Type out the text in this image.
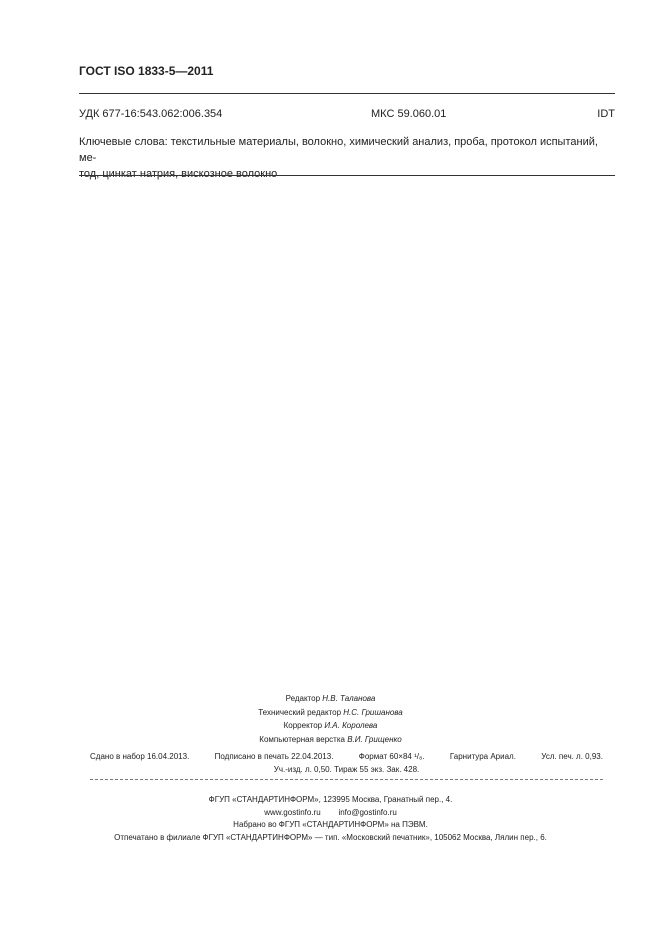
ГОСТ ISO 1833-5—2011
УДК 677-16:543.062:006.354	МКС 59.060.01	IDT
Ключевые слова: текстильные материалы, волокно, химический анализ, проба, протокол испытаний, ме-
тод, цинкат натрия, вискозное волокно
Редактор Н.В. Таланова
Технический редактор Н.С. Гришанова
Корректор И.А. Королева
Компьютерная верстка В.И. Грищенко
Сдано в набор 16.04.2013.	Подписано в печать 22.04.2013.	Формат 60×84 ¹/₈.	Гарнитура Ариал.	Усл. печ. л. 0,93.
Уч.-изд. л. 0,50. Тираж 55 экз. Зак. 428.
ФГУП «СТАНДАРТИНФОРМ», 123995 Москва, Гранатный пер., 4.
www.gostinfo.ru        info@gostinfo.ru
Набрано во ФГУП «СТАНДАРТИНФОРМ» на ПЭВМ.
Отпечатано в филиале ФГУП «СТАНДАРТИНФОРМ» — тип. «Московский печатник», 105062 Москва, Лялин пер., 6.
